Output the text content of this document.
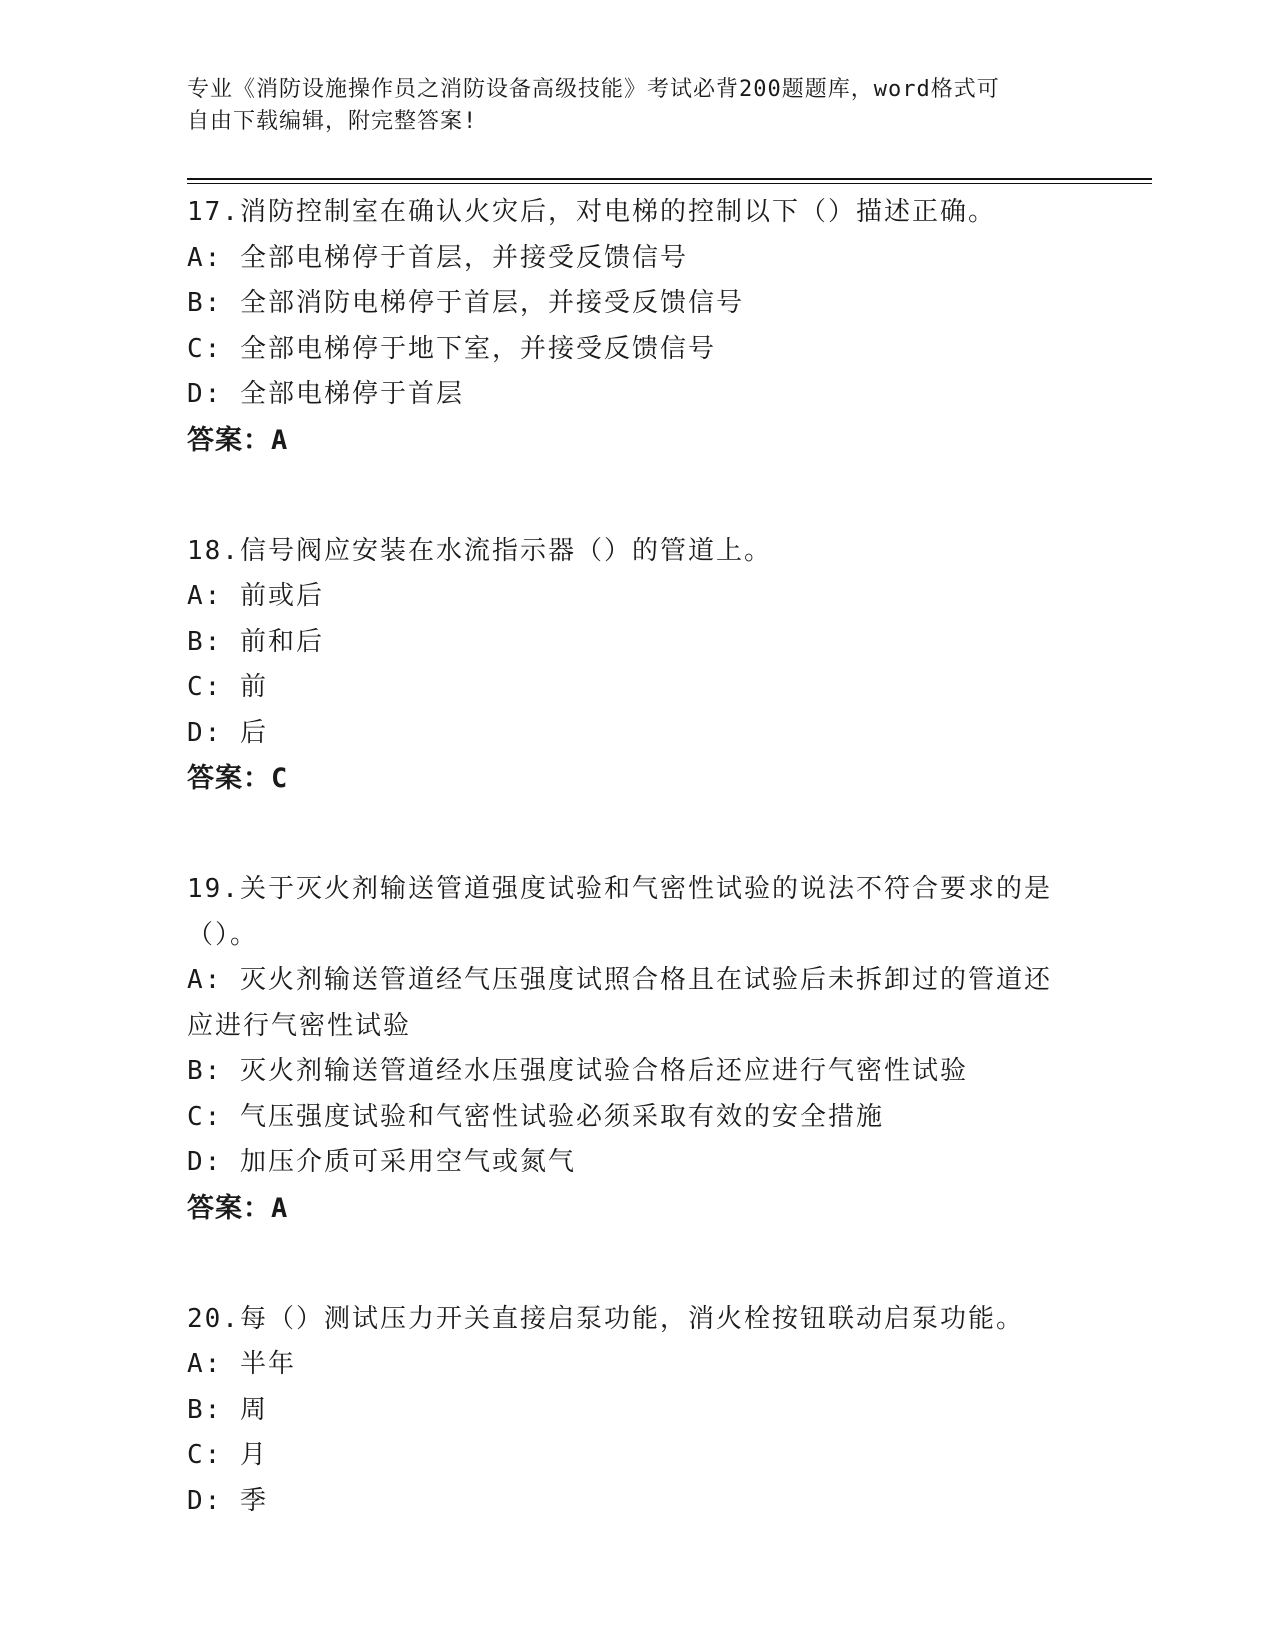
专业《消防设施操作员之消防设备高级技能》考试必背200题题库，word格式可
自由下载编辑，附完整答案!
17.消防控制室在确认火灾后，对电梯的控制以下（）描述正确。
A: 全部电梯停于首层，并接受反馈信号
B: 全部消防电梯停于首层，并接受反馈信号
C: 全部电梯停于地下室，并接受反馈信号
D: 全部电梯停于首层
答案：A
18.信号阀应安装在水流指示器（）的管道上。
A: 前或后
B: 前和后
C: 前
D: 后
答案：C
19.关于灭火剂输送管道强度试验和气密性试验的说法不符合要求的是
（）。
A: 灭火剂输送管道经气压强度试照合格且在试验后未拆卸过的管道还
应进行气密性试验
B: 灭火剂输送管道经水压强度试验合格后还应进行气密性试验
C: 气压强度试验和气密性试验必须采取有效的安全措施
D: 加压介质可采用空气或氮气
答案：A
20.每（）测试压力开关直接启泵功能，消火栓按钮联动启泵功能。
A: 半年
B: 周
C: 月
D: 季
